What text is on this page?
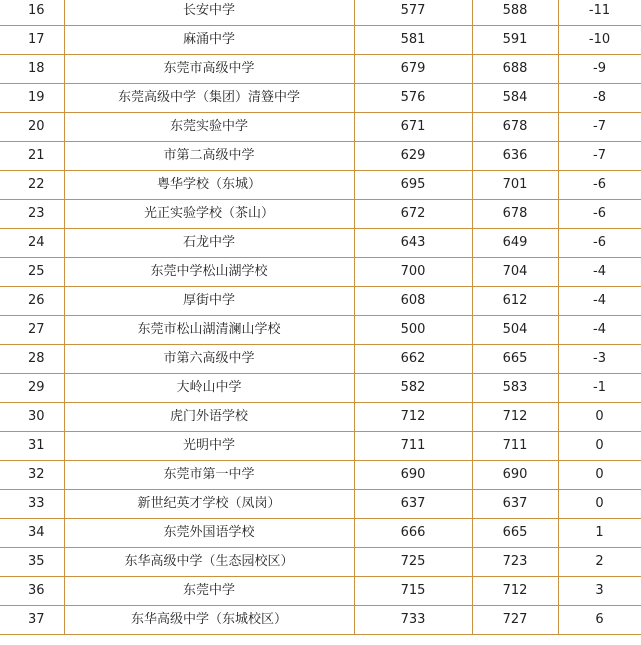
16	长安中学	577	588	-11
17	麻涌中学	581	591	-10
18	东莞市高级中学	679	688	-9
19	东莞高级中学（集团）清簦中学	576	584	-8
20	东莞实验中学	671	678	-7
21	市第二高级中学	629	636	-7
22	粤华学校（东城）	695	701	-6
23	光正实验学校（茶山）	672	678	-6
24	石龙中学	643	649	-6
25	东莞中学松山湖学校	700	704	-4
26	厚街中学	608	612	-4
27	东莞市松山湖清澜山学校	500	504	-4
28	市第六高级中学	662	665	-3
29	大岭山中学	582	583	-1
30	虎门外语学校	712	712	0
31	光明中学	711	711	0
32	东莞市第一中学	690	690	0
33	新世纪英才学校（凤岗）	637	637	0
34	东莞外国语学校	666	665	1
35	东华高级中学（生态园校区）	725	723	2
36	东莞中学	715	712	3
37	东华高级中学（东城校区）	733	727	6
